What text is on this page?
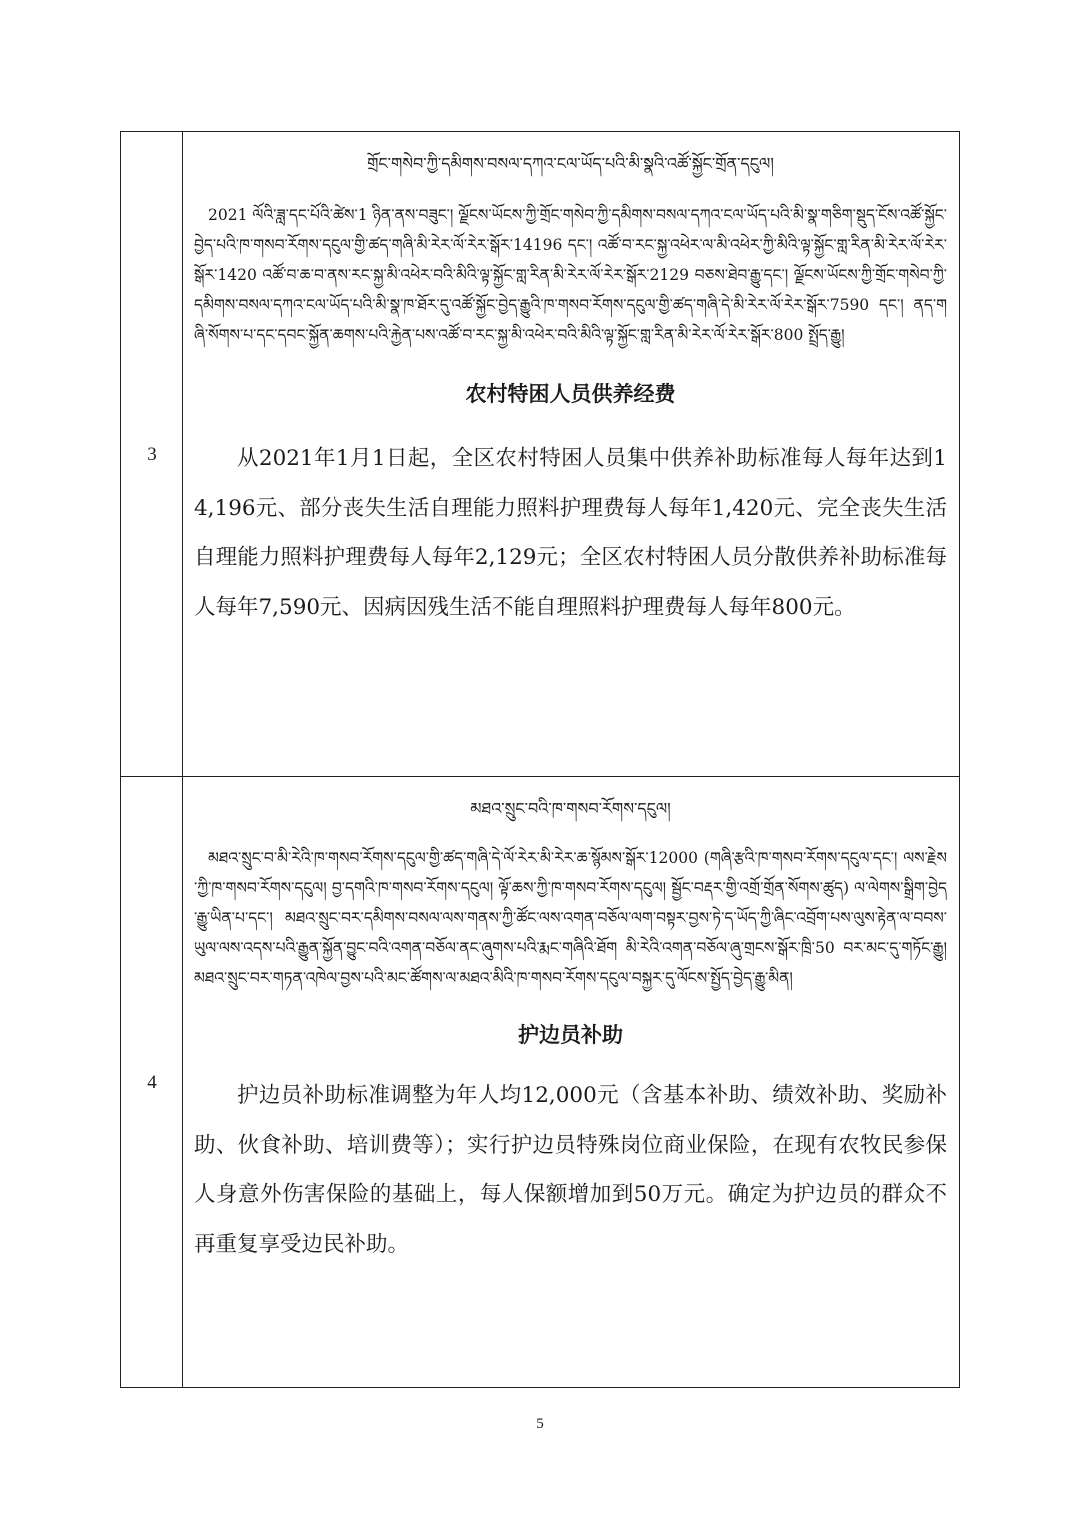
3

གྲོང་གསེབ་ཀྱི་དམིགས་བསལ་དཀའ་ངལ་ཡོད་པའི་མི་སྣའི་འཚོ་སྐྱོང་གྲོན་དངུལ།

2021 ལོའི་ཟླ་དང་པོའི་ཚེས་1 ཉིན་ནས་བཟུང་། ལྗོངས་ཡོངས་ཀྱི་གྲོང་གསེབ་ཀྱི་དམིགས་བསལ་དཀའ་ངལ་ཡོད་པའི་མི་སྣ་གཅིག་སྡུད་ངོས་འཚོ་སྐྱོང་བྱེད་པའི་ཁ་གསབ་རོགས་དངུལ་གྱི་ཚད་གཞི་མི་རེར་ལོ་རེར་སྒོར་14196 དང་། འཚོ་བ་རང་སྐྱ་འཕེར་ལ་མི་འཕེར་ཀྱི་མིའི་ལྟ་སྐྱོང་གླ་རིན་མི་རེར་ལོ་རེར་སྒོར་1420 འཚོ་བ་ཆ་བ་ནས་རང་སྐྱ་མི་འཕེར་བའི་མིའི་ལྟ་སྐྱོང་གླ་རིན་མི་རེར་ལོ་རེར་སྒོར་2129 བཅས་ཐེབ་རྒྱུ་དང་། ལྗོངས་ཡོངས་ཀྱི་གྲོང་གསེབ་ཀྱི་དམིགས་བསལ་དཀའ་ངལ་ཡོད་པའི་མི་སྣ་ཁ་ཐོར་དུ་འཚོ་སྐྱོང་བྱེད་རྒྱུའི་ཁ་གསབ་རོགས་དངུལ་གྱི་ཚད་གཞི་དེ་མི་རེར་ལོ་རེར་སྒོར་7590 དང་། ནད་གཞི་སོགས་པ་དང་དབང་སྐྱོན་ཆགས་པའི་རྐྱེན་པས་འཚོ་བ་རང་སྐྱ་མི་འཕེར་བའི་མིའི་ལྟ་སྐྱོང་གླ་རིན་མི་རེར་ལོ་རེར་སྒོར་800 སྤྲོད་རྒྱུ།

农村特困人员供养经费

从2021年1月1日起，全区农村特困人员集中供养补助标准每人每年达到14,196元、部分丧失生活自理能力照料护理费每人每年1,420元、完全丧失生活自理能力照料护理费每人每年2,129元；全区农村特困人员分散供养补助标准每人每年7,590元、因病因残生活不能自理照料护理费每人每年800元。

4

མཐའ་སྲུང་བའི་ཁ་གསབ་རོགས་དངུལ།

མཐའ་སྲུང་བ་མི་རེའི་ཁ་གསབ་རོགས་དངུལ་གྱི་ཚད་གཞི་དེ་ལོ་རེར་མི་རེར་ཆ་སྙོམས་སྒོར་12000 (གཞི་རྩའི་ཁ་གསབ་རོགས་དངུལ་དང་། ལས་རྗེས་ཀྱི་ཁ་གསབ་རོགས་དངུལ། བྱ་དགའི་ཁ་གསབ་རོགས་དངུལ། ལྟོ་ཆས་ཀྱི་ཁ་གསབ་རོགས་དངུལ། སྦྱོང་བརྡར་གྱི་འགྲོ་གྲོན་སོགས་ཚུད) ལ་ལེགས་སྒྲིག་བྱེད་རྒྱུ་ཡིན་པ་དང་། མཐའ་སྲུང་བར་དམིགས་བསལ་ལས་གནས་ཀྱི་ཚོང་ལས་འགན་བཅོལ་ལག་བསྟར་བྱས་ཏེ་ད་ཡོད་ཀྱི་ཞིང་འབྲོག་པས་ལུས་རྟེན་ལ་བབས་ཡུལ་ལས་འདས་པའི་རྒྱུན་སྐྱོན་བྱུང་བའི་འགན་བཅོལ་ནང་ཞུགས་པའི་རྨང་གཞིའི་ཐོག མི་རེའི་འགན་བཅོལ་ཞུ་གྲངས་སྒོར་ཁྲི་50 བར་མང་དུ་གཏོང་རྒྱུ། མཐའ་སྲུང་བར་གཏན་འཁེལ་བྱས་པའི་མང་ཚོགས་ལ་མཐའ་མིའི་ཁ་གསབ་རོགས་དངུལ་བསྐྱར་དུ་ལོངས་སྤྱོད་བྱེད་རྒྱུ་མིན།

护边员补助

护边员补助标准调整为年人均12,000元（含基本补助、绩效补助、奖励补助、伙食补助、培训费等）；实行护边员特殊岗位商业保险，在现有农牧民参保人身意外伤害保险的基础上，每人保额增加到50万元。确定为护边员的群众不再重复享受边民补助。

5
